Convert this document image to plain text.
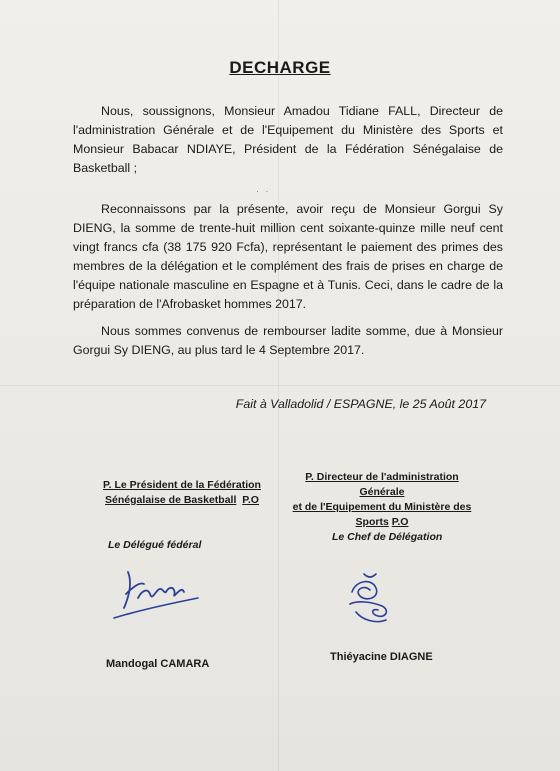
DECHARGE
Nous, soussignons, Monsieur Amadou Tidiane FALL, Directeur de l'administration Générale et de l'Equipement du Ministère des Sports et Monsieur Babacar NDIAYE, Président de la Fédération Sénégalaise de Basketball ;
· ·
Reconnaissons par la présente, avoir reçu de Monsieur Gorgui Sy DIENG, la somme de trente-huit million cent soixante-quinze mille neuf cent vingt francs cfa (38 175 920 Fcfa), représentant le paiement des primes des membres de la délégation et le complément des frais de prises en charge de l'équipe nationale masculine en Espagne et à Tunis. Ceci, dans le cadre de la préparation de l'Afrobasket hommes 2017.
Nous sommes convenus de rembourser ladite somme, due à Monsieur Gorgui Sy DIENG, au plus tard le 4 Septembre 2017.
Fait à Valladolid / ESPAGNE, le 25 Août 2017
P. Le Président de la Fédération
Sénégalaise de Basketball P.O
Le Délégué fédéral
Mandogal CAMARA
P. Directeur de l'administration Générale
et de l'Equipement du Ministère des
Sports P.O
Le Chef de Délégation
Thiéyacine DIAGNE
